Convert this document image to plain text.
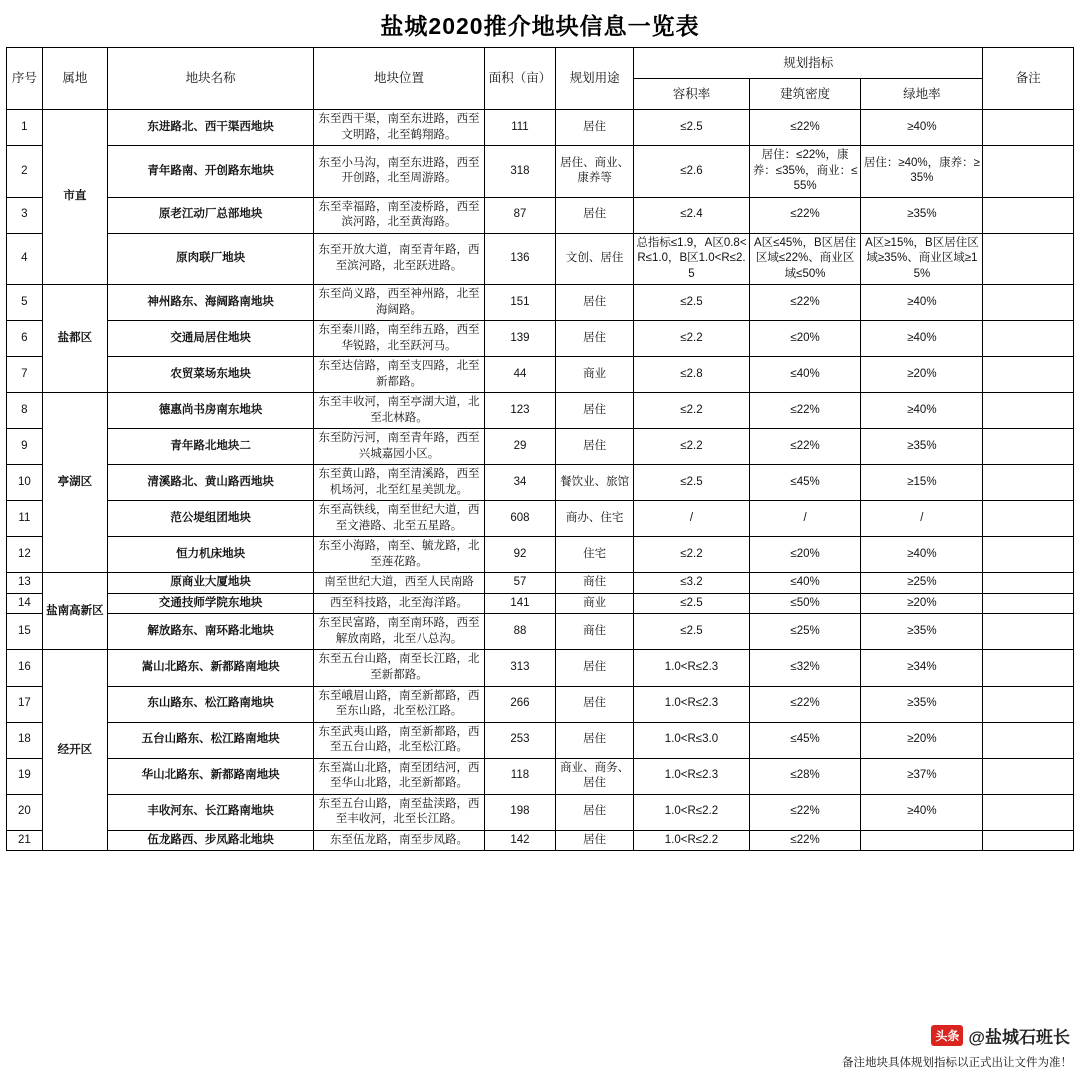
盐城2020推介地块信息一览表
序号	属地	地块名称	地块位置	面积（亩）	规划用途	规划指标			备注
						容积率	建筑密度	绿地率	
1	市直	东进路北、西干渠西地块	东至西干渠，南至东进路，西至文明路，北至鹤翔路。	111	居住	≤2.5	≤22%	≥40%	
2		青年路南、开创路东地块	东至小马沟，南至东进路，西至开创路，北至周游路。	318	居住、商业、康养等	≤2.6	居住：≤22%，康养：≤35%，商业：≤55%	居住：≥40%，康养：≥35%	
3		原老江动厂总部地块	东至幸福路，南至凌桥路，西至滨河路，北至黄海路。	87	居住	≤2.4	≤22%	≥35%	
4		原肉联厂地块	东至开放大道，南至青年路，西至滨河路，北至跃进路。	136	文创、居住	总指标≤1.9，A区0.8<R≤1.0，B区1.0<R≤2.5	A区≤45%，B区居住区域≤22%、商业区域≤50%	A区≥15%，B区居住区域≥35%、商业区域≥15%	
5	盐都区	神州路东、海阔路南地块	东至尚义路，西至神州路，北至海阔路。	151	居住	≤2.5	≤22%	≥40%	
6		交通局居住地块	东至秦川路，南至纬五路，西至华锐路，北至跃河马。	139	居住	≤2.2	≤20%	≥40%	
7		农贸菜场东地块	东至达信路，南至支四路，北至新都路。	44	商业	≤2.8	≤40%	≥20%	
8	亭湖区	德惠尚书房南东地块	东至丰收河，南至亭湖大道，北至北林路。	123	居住	≤2.2	≤22%	≥40%	
9		青年路北地块二	东至防污河，南至青年路，西至兴城嘉园小区。	29	居住	≤2.2	≤22%	≥35%	
10		清溪路北、黄山路西地块	东至黄山路，南至清溪路，西至机场河，北至红星美凯龙。	34	餐饮业、旅馆	≤2.5	≤45%	≥15%	
11		范公堤组团地块	东至高铁线，南至世纪大道，西至文港路、北至五星路。	608	商办、住宅	/	/	/	
12		恒力机床地块	东至小海路，南至、毓龙路，北至莲花路。	92	住宅	≤2.2	≤20%	≥40%	
13	盐南高新区	原商业大厦地块	南至世纪大道，西至人民南路	57	商住	≤3.2	≤40%	≥25%	
14		交通技师学院东地块	西至科技路，北至海洋路。	141	商业	≤2.5	≤50%	≥20%	
15		解放路东、南环路北地块	东至民富路，南至南环路，西至解放南路，北至八总沟。	88	商住	≤2.5	≤25%	≥35%	
16	经开区	嵩山北路东、新都路南地块	东至五台山路，南至长江路，北至新都路。	313	居住	1.0<R≤2.3	≤32%	≥34%	
17		东山路东、松江路南地块	东至峨眉山路，南至新都路，西至东山路，北至松江路。	266	居住	1.0<R≤2.3	≤22%	≥35%	
18		五台山路东、松江路南地块	东至武夷山路，南至新都路，西至五台山路，北至松江路。	253	居住	1.0<R≤3.0	≤45%	≥20%	
19		华山北路东、新都路南地块	东至嵩山北路，南至团结河，西至华山北路，北至新都路。	118	商业、商务、居住	1.0<R≤2.3	≤28%	≥37%	
20		丰收河东、长江路南地块	东至五台山路，南至盐渎路，西至丰收河，北至长江路。	198	居住	1.0<R≤2.2	≤22%	≥40%	
21		伍龙路西、步凤路北地块	东至伍龙路，南至步凤路。	142	居住	1.0<R≤2.2	≤22%		
头条 @盐城石班长
备注地块具体规划指标以正式出让文件为准！
